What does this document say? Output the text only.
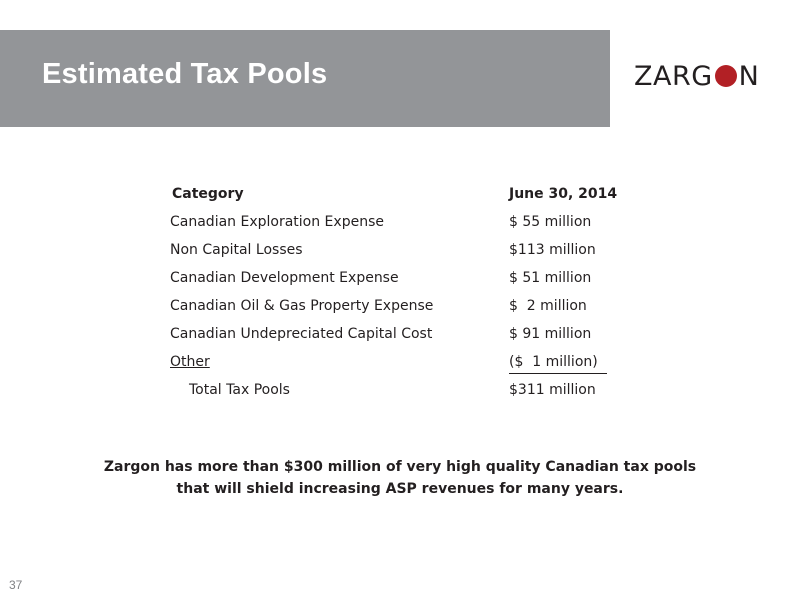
Estimated Tax Pools	ZARG N
Category	June 30, 2014
Canadian Exploration Expense	$ 55 million
Non Capital Losses	$113 million
Canadian Development Expense	$ 51 million
Canadian Oil & Gas Property Expense	$  2 million
Canadian Undepreciated Capital Cost	$ 91 million
Other	($  1 million)
Total Tax Pools	$311 million

Zargon has more than $300 million of very high quality Canadian tax pools

that will shield increasing ASP revenues for many years.

37
